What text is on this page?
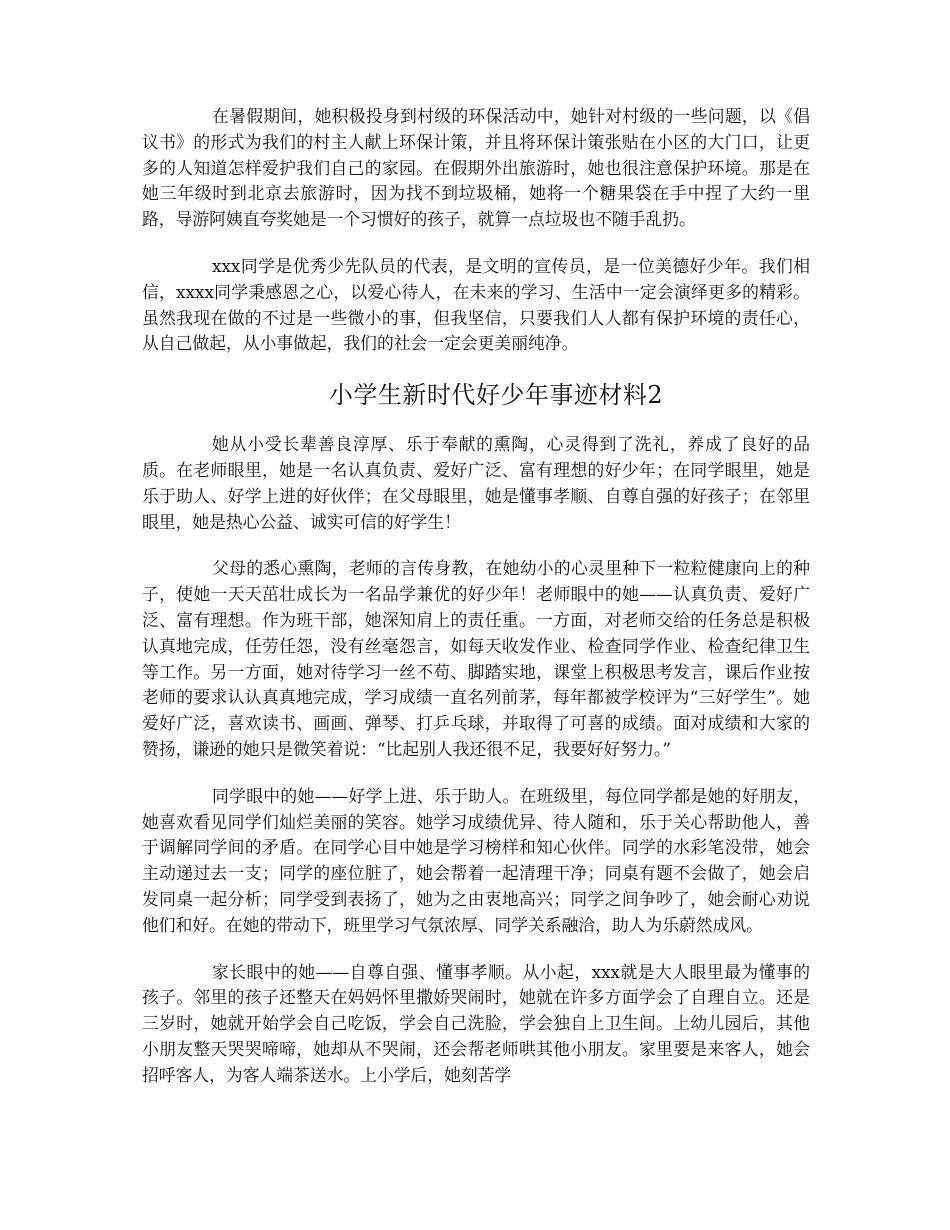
在暑假期间，她积极投身到村级的环保活动中，她针对村级的一些问题，以《倡议书》的形式为我们的村主人献上环保计策，并且将环保计策张贴在小区的大门口，让更多的人知道怎样爱护我们自己的家园。在假期外出旅游时，她也很注意保护环境。那是在她三年级时到北京去旅游时，因为找不到垃圾桶，她将一个糖果袋在手中捏了大约一里路，导游阿姨直夸奖她是一个习惯好的孩子，就算一点垃圾也不随手乱扔。

xxx同学是优秀少先队员的代表，是文明的宣传员，是一位美德好少年。我们相信，xxxx同学秉感恩之心，以爱心待人，在未来的学习、生活中一定会演绎更多的精彩。虽然我现在做的不过是一些微小的事，但我坚信，只要我们人人都有保护环境的责任心，从自己做起，从小事做起，我们的社会一定会更美丽纯净。

小学生新时代好少年事迹材料2

她从小受长辈善良淳厚、乐于奉献的熏陶，心灵得到了洗礼，养成了良好的品质。在老师眼里，她是一名认真负责、爱好广泛、富有理想的好少年；在同学眼里，她是乐于助人、好学上进的好伙伴；在父母眼里，她是懂事孝顺、自尊自强的好孩子；在邻里眼里，她是热心公益、诚实可信的好学生！

父母的悉心熏陶，老师的言传身教，在她幼小的心灵里种下一粒粒健康向上的种子，使她一天天茁壮成长为一名品学兼优的好少年！老师眼中的她——认真负责、爱好广泛、富有理想。作为班干部，她深知肩上的责任重。一方面，对老师交给的任务总是积极认真地完成，任劳任怨，没有丝毫怨言，如每天收发作业、检查同学作业、检查纪律卫生等工作。另一方面，她对待学习一丝不苟、脚踏实地，课堂上积极思考发言，课后作业按老师的要求认认真真地完成，学习成绩一直名列前茅，每年都被学校评为“三好学生”。她爱好广泛，喜欢读书、画画、弹琴、打乒乓球，并取得了可喜的成绩。面对成绩和大家的赞扬，谦逊的她只是微笑着说：“比起别人我还很不足，我要好好努力。”

同学眼中的她——好学上进、乐于助人。在班级里，每位同学都是她的好朋友，她喜欢看见同学们灿烂美丽的笑容。她学习成绩优异、待人随和，乐于关心帮助他人，善于调解同学间的矛盾。在同学心目中她是学习榜样和知心伙伴。同学的水彩笔没带，她会主动递过去一支；同学的座位脏了，她会帮着一起清理干净；同桌有题不会做了，她会启发同桌一起分析；同学受到表扬了，她为之由衷地高兴；同学之间争吵了，她会耐心劝说他们和好。在她的带动下，班里学习气氛浓厚、同学关系融洽，助人为乐蔚然成风。

家长眼中的她——自尊自强、懂事孝顺。从小起，xxx就是大人眼里最为懂事的孩子。邻里的孩子还整天在妈妈怀里撒娇哭闹时，她就在许多方面学会了自理自立。还是三岁时，她就开始学会自己吃饭，学会自己洗脸，学会独自上卫生间。上幼儿园后，其他小朋友整天哭哭啼啼，她却从不哭闹，还会帮老师哄其他小朋友。家里要是来客人，她会招呼客人，为客人端茶送水。上小学后，她刻苦学
